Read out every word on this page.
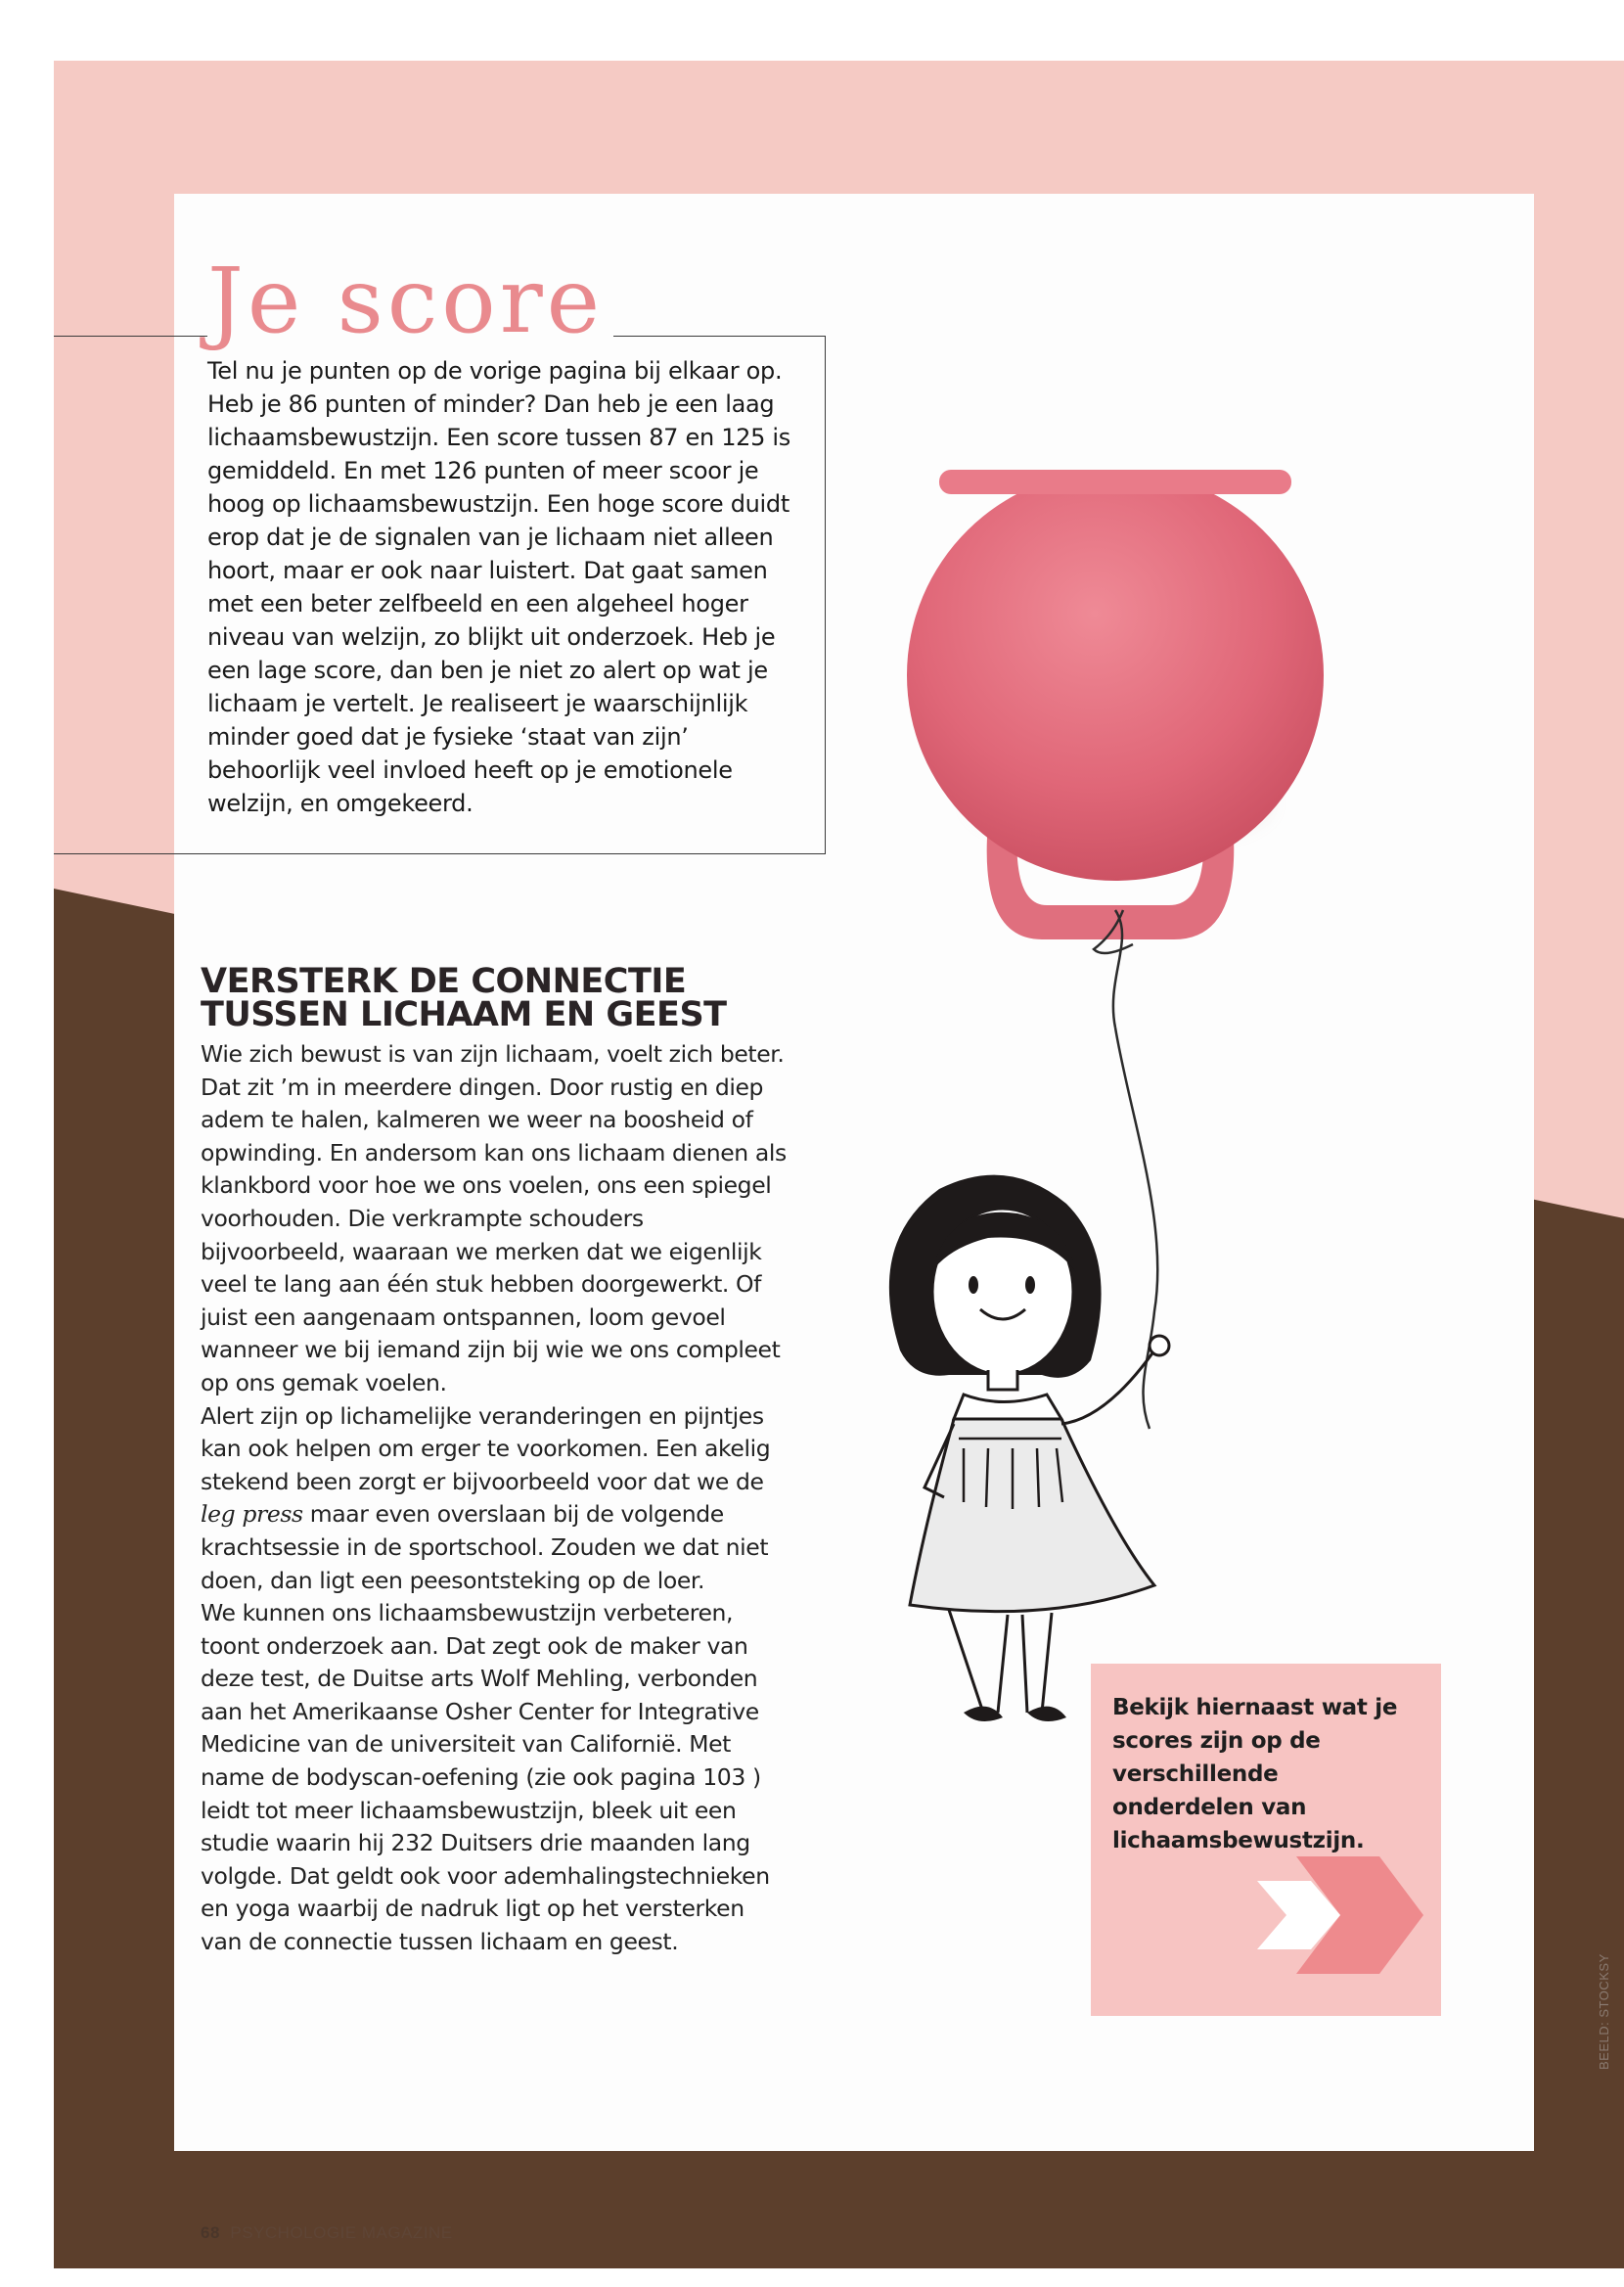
Je score
Tel nu je punten op de vorige pagina bij elkaar op. Heb je 86 punten of minder? Dan heb je een laag lichaamsbewustzijn. Een score tussen 87 en 125 is gemiddeld. En met 126 punten of meer scoor je hoog op lichaamsbewustzijn. Een hoge score duidt erop dat je de signalen van je lichaam niet alleen hoort, maar er ook naar luistert. Dat gaat samen met een beter zelfbeeld en een algeheel hoger niveau van welzijn, zo blijkt uit onderzoek. Heb je een lage score, dan ben je niet zo alert op wat je lichaam je vertelt. Je realiseert je waarschijnlijk minder goed dat je fysieke ‘staat van zijn’ behoorlijk veel invloed heeft op je emotionele welzijn, en omgekeerd.
VERSTERK DE CONNECTIE
TUSSEN LICHAAM EN GEEST

Wie zich bewust is van zijn lichaam, voelt zich beter. Dat zit ’m in meerdere dingen. Door rustig en diep adem te halen, kalmeren we weer na boosheid of opwinding. En andersom kan ons lichaam dienen als klankbord voor hoe we ons voelen, ons een spiegel voorhouden. Die verkrampte schouders bijvoorbeeld, waaraan we merken dat we eigenlijk veel te lang aan één stuk hebben doorgewerkt. Of juist een aangenaam ontspannen, loom gevoel wanneer we bij iemand zijn bij wie we ons compleet op ons gemak voelen.

Alert zijn op lichamelijke veranderingen en pijntjes kan ook helpen om erger te voorkomen. Een akelig stekend been zorgt er bijvoorbeeld voor dat we de leg press maar even overslaan bij de volgende krachtsessie in de sportschool. Zouden we dat niet doen, dan ligt een peesontsteking op de loer.

We kunnen ons lichaamsbewustzijn verbeteren, toont onderzoek aan. Dat zegt ook de maker van deze test, de Duitse arts Wolf Mehling, verbonden aan het Amerikaanse Osher Center for Integrative Medicine van de universiteit van Californië. Met name de bodyscan-oefening (zie ook pagina 103 ) leidt tot meer lichaamsbewustzijn, bleek uit een studie waarin hij 232 Duitsers drie maanden lang volgde. Dat geldt ook voor ademhalingstechnieken en yoga waarbij de nadruk ligt op het versterken van de connectie tussen lichaam en geest.

Bekijk hiernaast wat je scores zijn op de verschillende onderdelen van lichaamsbewustzijn.
68 PSYCHOLOGIE MAGAZINE
BEELD: STOCKSY
